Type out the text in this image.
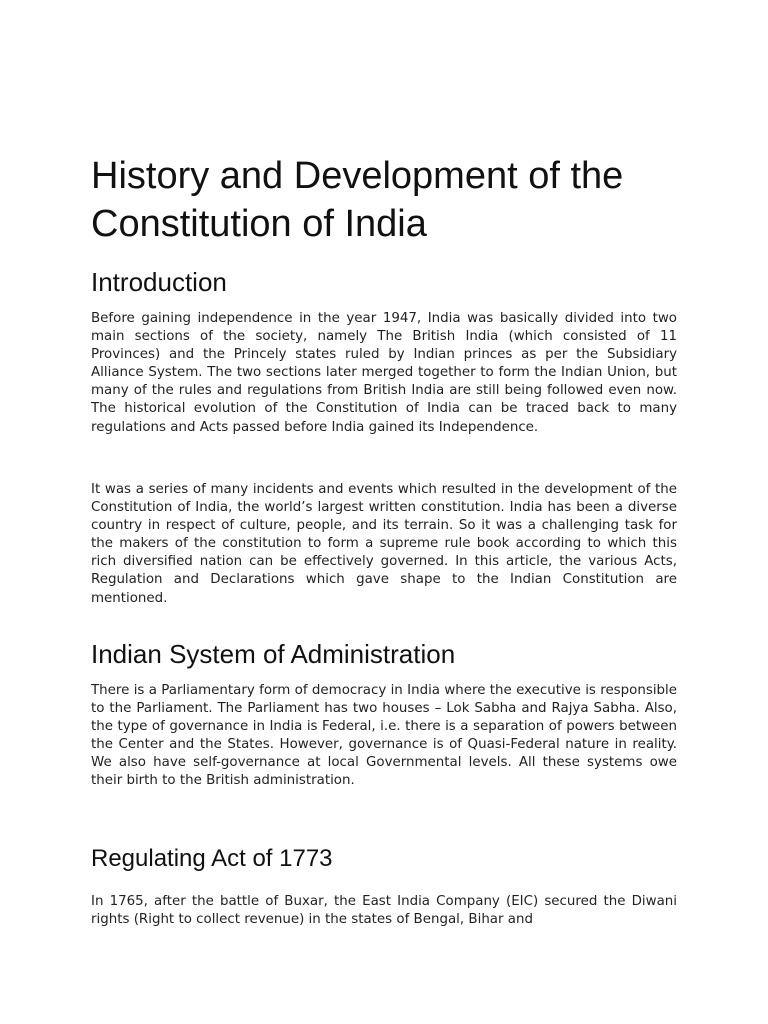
History and Development of the Constitution of India
Introduction

Before gaining independence in the year 1947, India was basically divided into two main sections of the society, namely The British India (which consisted of 11 Provinces) and the Princely states ruled by Indian princes as per the Subsidiary Alliance System. The two sections later merged together to form the Indian Union, but many of the rules and regulations from British India are still being followed even now. The historical evolution of the Constitution of India can be traced back to many regulations and Acts passed before India gained its Independence.

It was a series of many incidents and events which resulted in the development of the Constitution of India, the world’s largest written constitution. India has been a diverse country in respect of culture, people, and its terrain. So it was a challenging task for the makers of the constitution to form a supreme rule book according to which this rich diversified nation can be effectively governed. In this article, the various Acts, Regulation and Declarations which gave shape to the Indian Constitution are mentioned.

Indian System of Administration

There is a Parliamentary form of democracy in India where the executive is responsible to the Parliament. The Parliament has two houses – Lok Sabha and Rajya Sabha. Also, the type of governance in India is Federal, i.e. there is a separation of powers between the Center and the States. However, governance is of Quasi-Federal nature in reality. We also have self-governance at local Governmental levels. All these systems owe their birth to the British administration.

Regulating Act of 1773

In 1765, after the battle of Buxar, the East India Company (EIC) secured the Diwani rights (Right to collect revenue) in the states of Bengal, Bihar and
